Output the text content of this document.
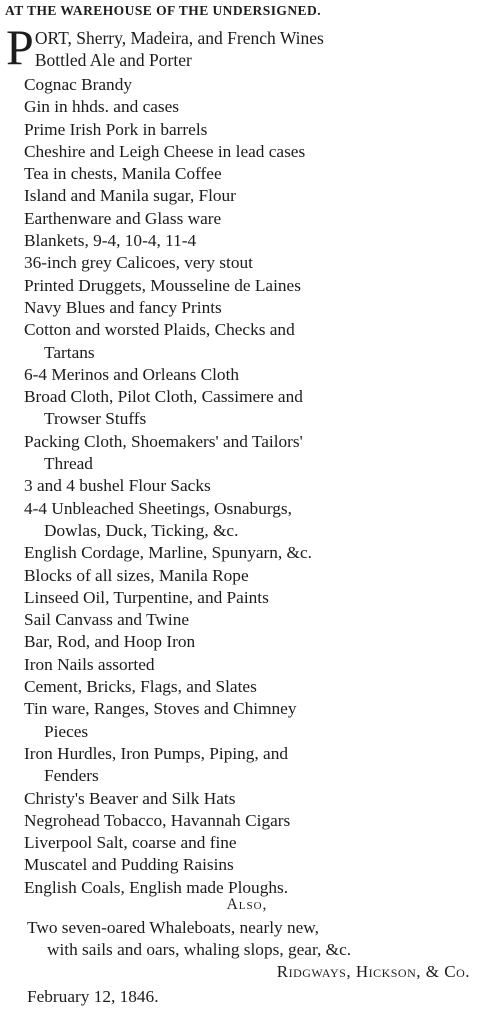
AT THE WAREHOUSE OF THE UNDERSIGNED.
P ORT, Sherry, Madeira, and French Wines
Bottled Ale and Porter
Cognac Brandy
Gin in hhds. and cases
Prime Irish Pork in barrels
Cheshire and Leigh Cheese in lead cases
Tea in chests, Manila Coffee
Island and Manila sugar, Flour
Earthenware and Glass ware
Blankets, 9-4, 10-4, 11-4
36-inch grey Calicoes, very stout
Printed Druggets, Mousseline de Laines
Navy Blues and fancy Prints
Cotton and worsted Plaids, Checks and
Tartans
6-4 Merinos and Orleans Cloth
Broad Cloth, Pilot Cloth, Cassimere and
Trowser Stuffs
Packing Cloth, Shoemakers' and Tailors'
Thread
3 and 4 bushel Flour Sacks
4-4 Unbleached Sheetings, Osnaburgs,
Dowlas, Duck, Ticking, &c.
English Cordage, Marline, Spunyarn, &c.
Blocks of all sizes, Manila Rope
Linseed Oil, Turpentine, and Paints
Sail Canvass and Twine
Bar, Rod, and Hoop Iron
Iron Nails assorted
Cement, Bricks, Flags, and Slates
Tin ware, Ranges, Stoves and Chimney
Pieces
Iron Hurdles, Iron Pumps, Piping, and
Fenders
Christy's Beaver and Silk Hats
Negrohead Tobacco, Havannah Cigars
Liverpool Salt, coarse and fine
Muscatel and Pudding Raisins
English Coals, English made Ploughs.
Also,
Two seven-oared Whaleboats, nearly new,
with sails and oars, whaling slops, gear, &c.
Ridgways, Hickson, & Co.
February 12, 1846.
